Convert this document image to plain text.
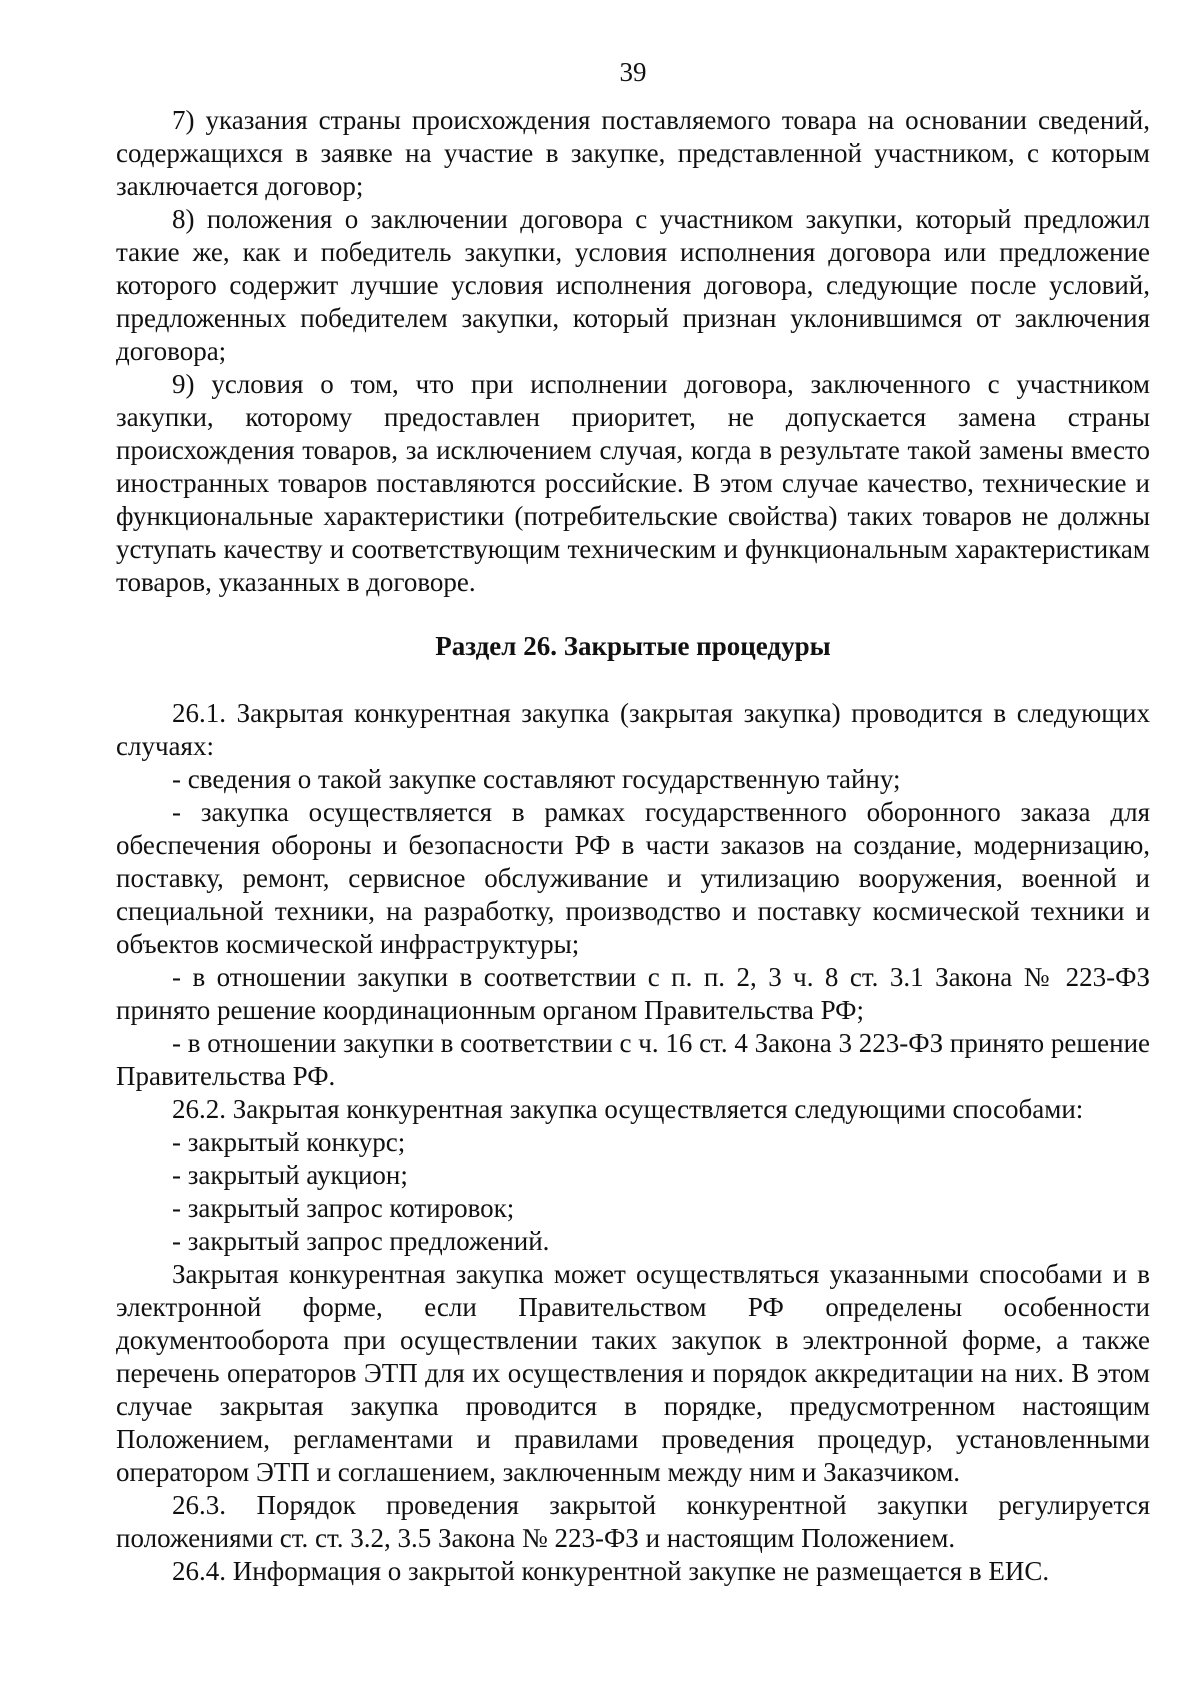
39

7) указания страны происхождения поставляемого товара на основании сведений, содержащихся в заявке на участие в закупке, представленной участником, с которым заключается договор;

8) положения о заключении договора с участником закупки, который предложил такие же, как и победитель закупки, условия исполнения договора или предложение которого содержит лучшие условия исполнения договора, следующие после условий, предложенных победителем закупки, который признан уклонившимся от заключения договора;

9) условия о том, что при исполнении договора, заключенного с участником закупки, которому предоставлен приоритет, не допускается замена страны происхождения товаров, за исключением случая, когда в результате такой замены вместо иностранных товаров поставляются российские. В этом случае качество, технические и функциональные характеристики (потребительские свойства) таких товаров не должны уступать качеству и соответствующим техническим и функциональным характеристикам товаров, указанных в договоре.

Раздел 26. Закрытые процедуры

26.1. Закрытая конкурентная закупка (закрытая закупка) проводится в следующих случаях:

- сведения о такой закупке составляют государственную тайну;

- закупка осуществляется в рамках государственного оборонного заказа для обеспечения обороны и безопасности РФ в части заказов на создание, модернизацию, поставку, ремонт, сервисное обслуживание и утилизацию вооружения, военной и специальной техники, на разработку, производство и поставку космической техники и объектов космической инфраструктуры;

- в отношении закупки в соответствии с п. п. 2, 3 ч. 8 ст. 3.1 Закона № 223-ФЗ принято решение координационным органом Правительства РФ;

- в отношении закупки в соответствии с ч. 16 ст. 4 Закона 3 223-ФЗ принято решение Правительства РФ.

26.2. Закрытая конкурентная закупка осуществляется следующими способами:

- закрытый конкурс;

- закрытый аукцион;

- закрытый запрос котировок;

- закрытый запрос предложений.

Закрытая конкурентная закупка может осуществляться указанными способами и в электронной форме, если Правительством РФ определены особенности документооборота при осуществлении таких закупок в электронной форме, а также перечень операторов ЭТП для их осуществления и порядок аккредитации на них. В этом случае закрытая закупка проводится в порядке, предусмотренном настоящим Положением, регламентами и правилами проведения процедур, установленными оператором ЭТП и соглашением, заключенным между ним и Заказчиком.

26.3. Порядок проведения закрытой конкурентной закупки регулируется положениями ст. ст. 3.2, 3.5 Закона № 223-ФЗ и настоящим Положением.

26.4. Информация о закрытой конкурентной закупке не размещается в ЕИС.
